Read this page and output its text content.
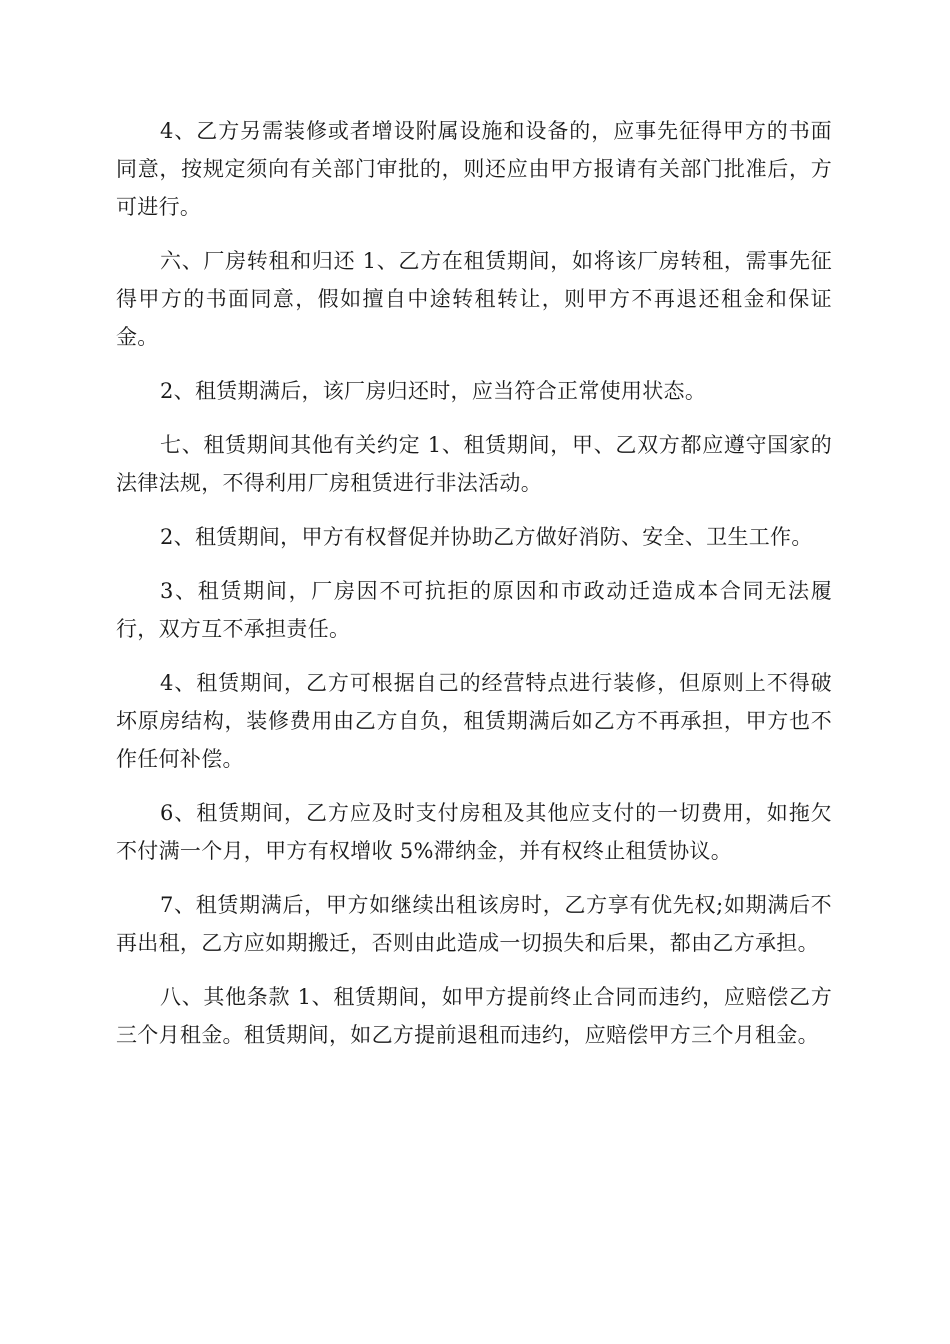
4、乙方另需装修或者增设附属设施和设备的，应事先征得甲方的书面同意，按规定须向有关部门审批的，则还应由甲方报请有关部门批准后，方可进行。

六、厂房转租和归还 1、乙方在租赁期间，如将该厂房转租，需事先征得甲方的书面同意，假如擅自中途转租转让，则甲方不再退还租金和保证金。

2、租赁期满后，该厂房归还时，应当符合正常使用状态。

七、租赁期间其他有关约定 1、租赁期间，甲、乙双方都应遵守国家的法律法规，不得利用厂房租赁进行非法活动。

2、租赁期间，甲方有权督促并协助乙方做好消防、安全、卫生工作。

3、租赁期间，厂房因不可抗拒的原因和市政动迁造成本合同无法履行，双方互不承担责任。

4、租赁期间，乙方可根据自己的经营特点进行装修，但原则上不得破坏原房结构，装修费用由乙方自负，租赁期满后如乙方不再承担，甲方也不作任何补偿。

6、租赁期间，乙方应及时支付房租及其他应支付的一切费用，如拖欠不付满一个月，甲方有权增收 5%滞纳金，并有权终止租赁协议。

7、租赁期满后，甲方如继续出租该房时，乙方享有优先权;如期满后不再出租，乙方应如期搬迁，否则由此造成一切损失和后果，都由乙方承担。

八、其他条款 1、租赁期间，如甲方提前终止合同而违约，应赔偿乙方三个月租金。租赁期间，如乙方提前退租而违约，应赔偿甲方三个月租金。
